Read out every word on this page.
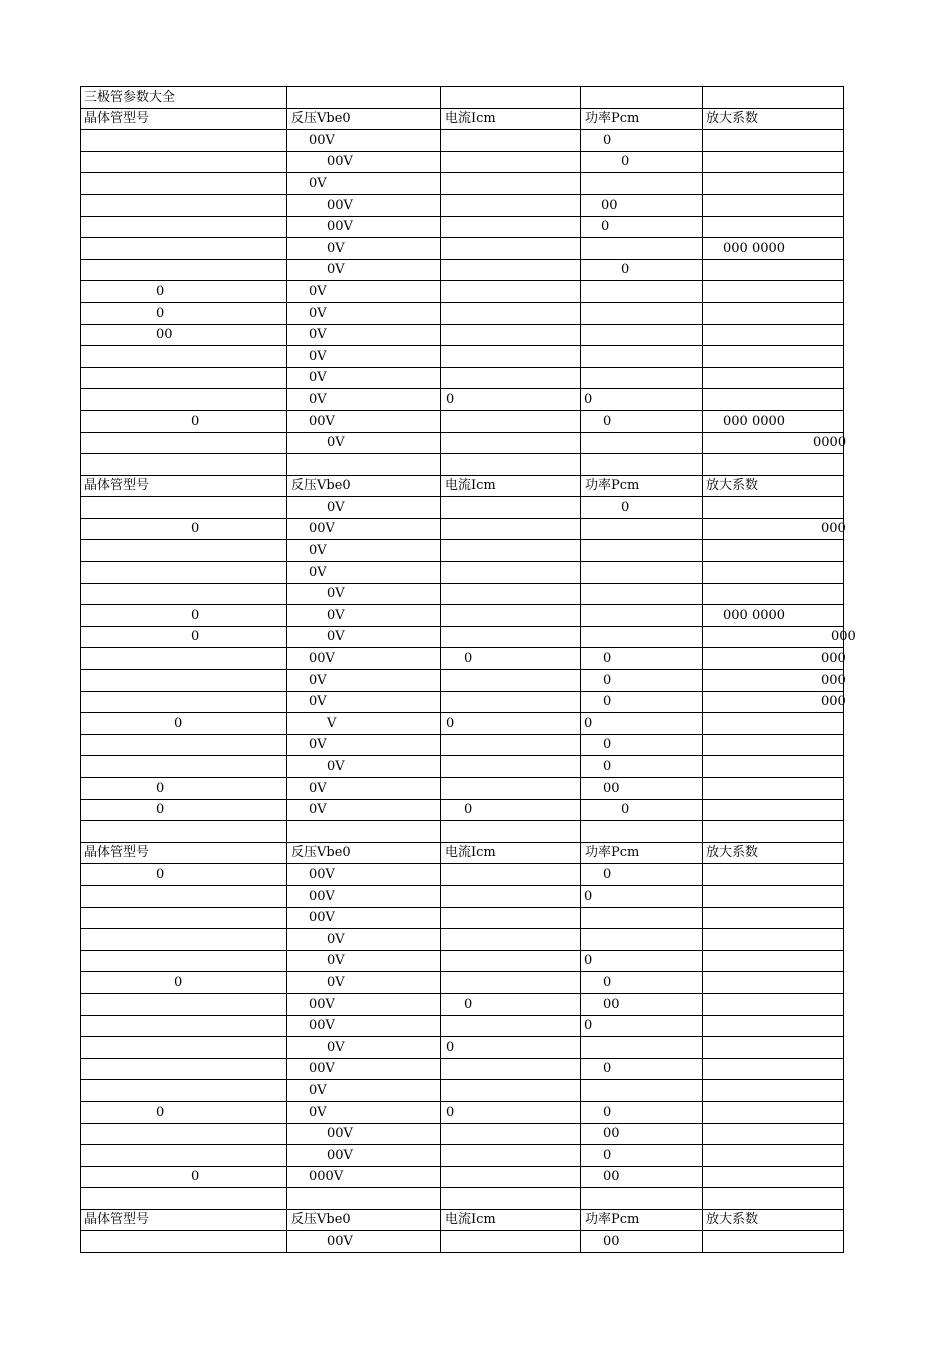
三极管参数大全				
晶体管型号	反压Vbe0	电流Icm	功率Pcm	放大系数
	00V		0	
	00V		0	
	0V			
	00V		00	
	00V		0	
	0V			000 0000
	0V		0	
0	0V			
0	0V			
00	0V			
	0V			
	0V			
	0V	0	0	
0	00V		0	000 0000
	0V			0000

晶体管型号	反压Vbe0	电流Icm	功率Pcm	放大系数
	0V		0	
0	00V			000
	0V			
	0V			
	0V			
0	0V			000 0000
0	0V			000
	00V	0	0	000
	0V		0	000
	0V		0	000
0	V	0	0	
	0V		0	
	0V		0	
0	0V		00	
0	0V	0	0	

晶体管型号	反压Vbe0	电流Icm	功率Pcm	放大系数
0	00V		0	
	00V		0	
	00V			
	0V			
	0V		0	
0	0V		0	
	00V	0	00	
	00V		0	
	0V	0		
	00V		0	
	0V			
0	0V	0	0	
	00V		00	
	00V		0	
0	000V		00	

晶体管型号	反压Vbe0	电流Icm	功率Pcm	放大系数
	00V		00	
